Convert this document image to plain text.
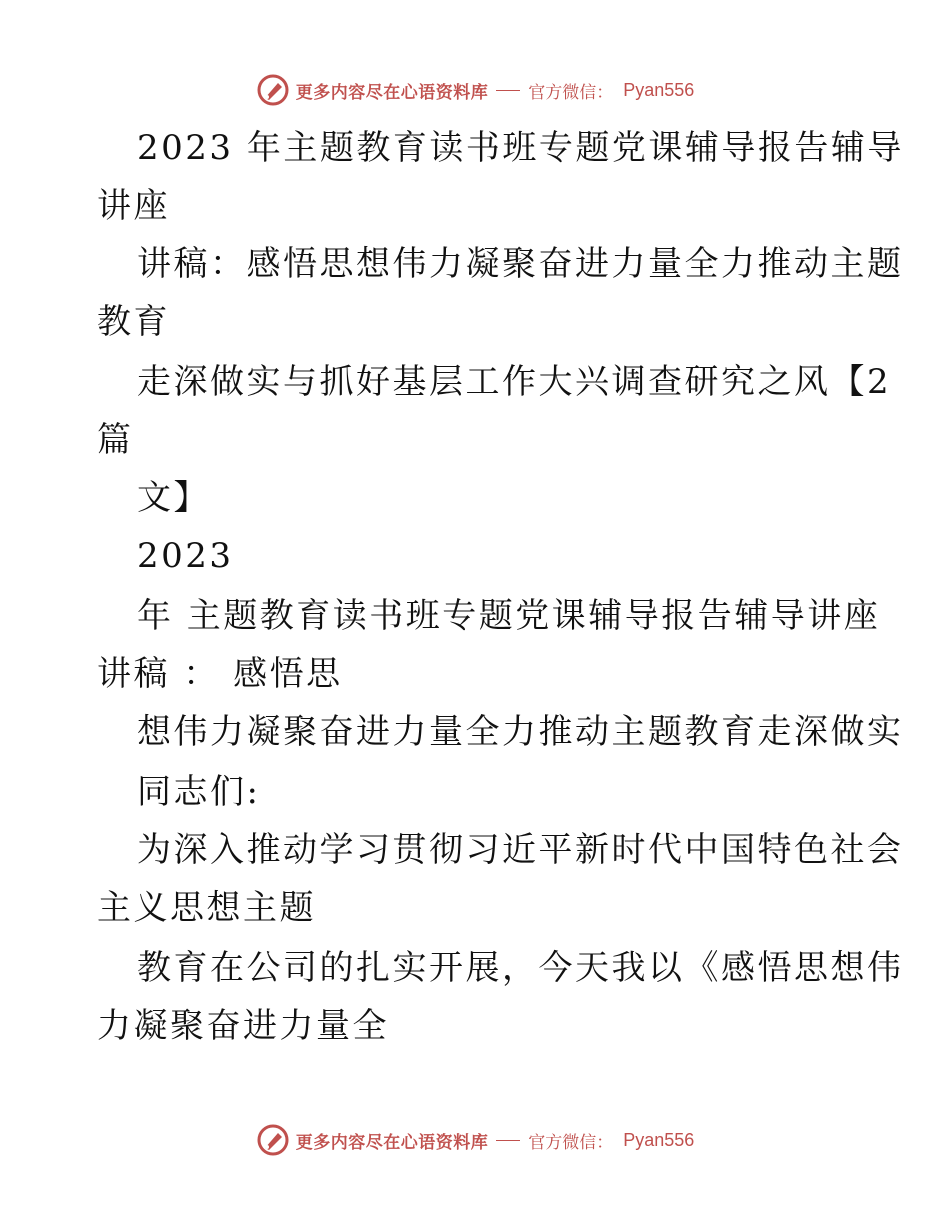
更多内容尽在心语资料库 官方微信： Pyan556
2023 年主题教育读书班专题党课辅导报告辅导
讲座
讲稿：感悟思想伟力凝聚奋进力量全力推动主题
教育
走深做实与抓好基层工作大兴调查研究之风【2
篇
文】
2023
年 主题教育读书班专题党课辅导报告辅导讲座
讲稿 ： 感悟思
想伟力凝聚奋进力量全力推动主题教育走深做实
同志们:
为深入推动学习贯彻习近平新时代中国特色社会
主义思想主题
教育在公司的扎实开展，今天我以《感悟思想伟
力凝聚奋进力量全
更多内容尽在心语资料库 官方微信： Pyan556
